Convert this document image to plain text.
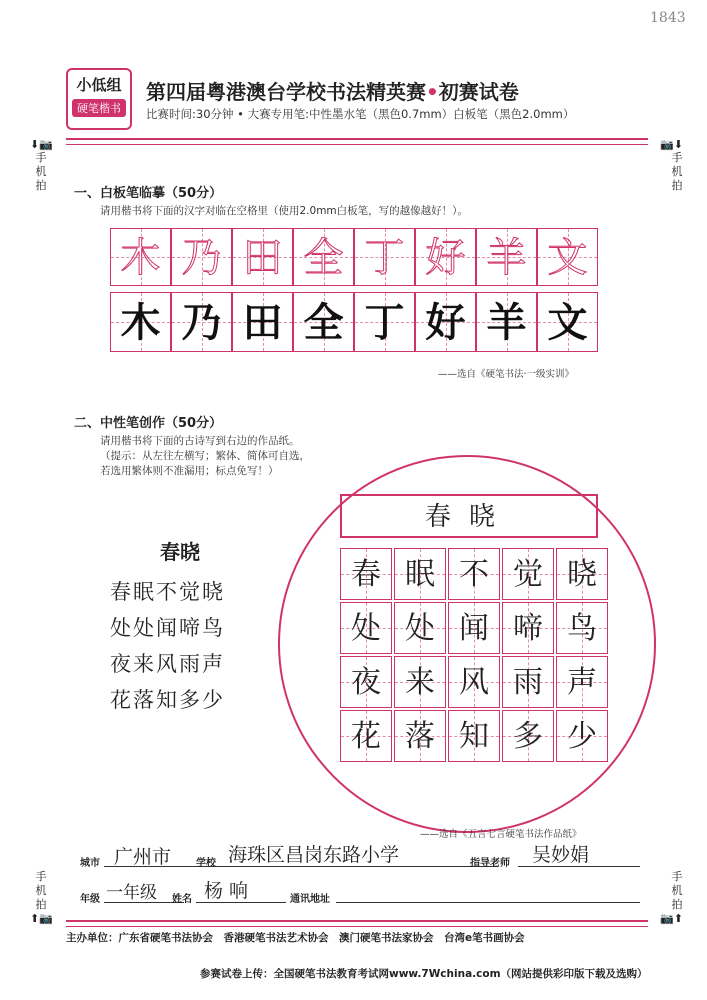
1843
小低组
硬笔楷书
第四届粤港澳台学校书法精英赛•初赛试卷
比赛时间:30分钟 • 大赛专用笔:中性墨水笔（黑色0.7mm）白板笔（黑色2.0mm）
⬇📷
手机拍
📷⬇
手机拍
手机拍
⬆📷
手机拍
📷⬆
一、白板笔临摹（50分）
请用楷书将下面的汉字对临在空格里（使用2.0mm白板笔，写的越像越好！）。
木 乃 田 全 丁 好 羊 文
木 乃 田 全 丁 好 羊 文
——选自《硬笔书法·一级实训》
二、中性笔创作（50分）
请用楷书将下面的古诗写到右边的作品纸。
（提示：从左往左横写；繁体、简体可自选，
若选用繁体则不准漏用；标点免写！）
春晓
春眠不觉晓
处处闻啼鸟
夜来风雨声
花落知多少
春晓
春 眠 不 觉 晓
处 处 闻 啼 鸟
夜 来 风 雨 声
花 落 知 多 少
——选自《五言七言硬笔书法作品纸》
城市 广州市 学校 海珠区昌岗东路小学	指导老师 吴妙娟
年级 一年级 姓名 杨 响	通讯地址
主办单位：广东省硬笔书法协会　香港硬笔书法艺术协会　澳门硬笔书法家协会　台湾e笔书画协会
参赛试卷上传：全国硬笔书法教育考试网www.7Wchina.com（网站提供彩印版下载及选购）
